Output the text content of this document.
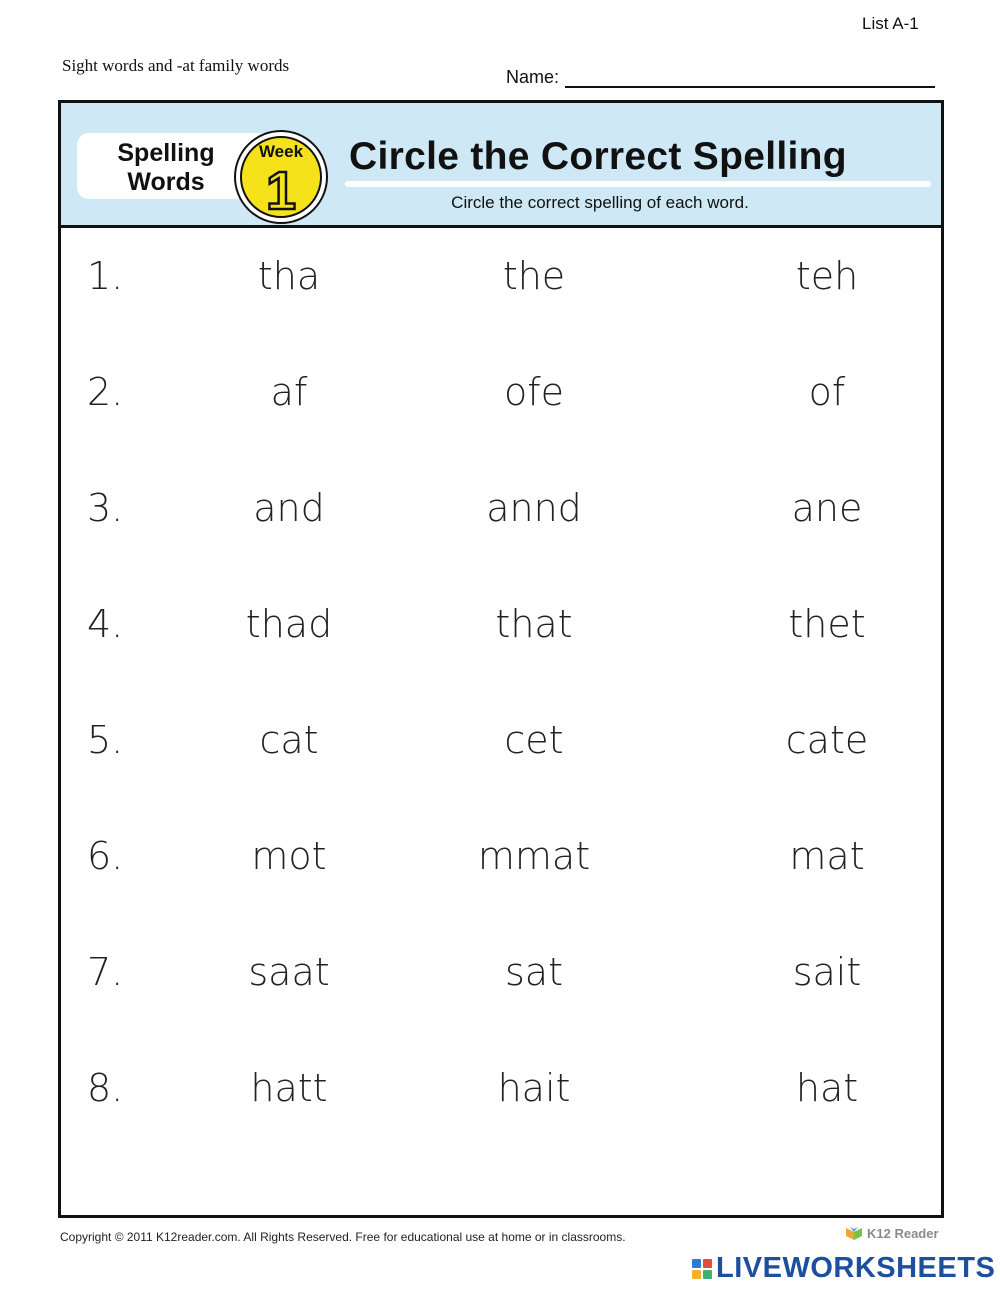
List A-1
Sight words and -at family words
Name:
Spelling
Words
Week
1
Circle the Correct Spelling
Circle the correct spelling of each word.
1.	tha	the	teh
2.	af	ofe	of
3.	and	annd	ane
4.	thad	that	thet
5.	cat	cet	cate
6.	mot	mmat	mat
7.	saat	sat	sait
8.	hatt	hait	hat
Copyright © 2011 K12reader.com. All Rights Reserved. Free for educational use at home or in classrooms.	K12 Reader
LIVEWORKSHEETS
